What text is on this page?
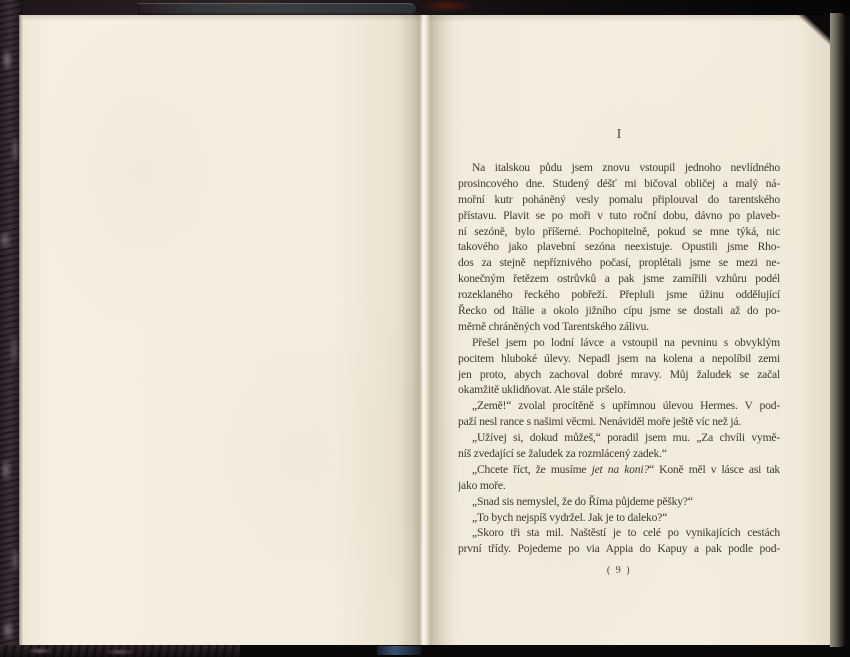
I
Na italskou půdu jsem znovu vstoupil jednoho nevlídného
prosincového dne. Studený déšť mi bičoval obličej a malý ná-
mořní kutr poháněný vesly pomalu připlouval do tarentského
přístavu. Plavit se po moři v tuto roční dobu, dávno po plaveb-
ní sezóně, bylo příšerné. Pochopitelně, pokud se mne týká, nic
takového jako plavební sezóna neexistuje. Opustili jsme Rho-
dos za stejně nepříznivého počasí, proplétali jsme se mezi ne-
konečným řetězem ostrůvků a pak jsme zamířili vzhůru podél
rozeklaného řeckého pobřeží. Přepluli jsme úžinu oddělující
Řecko od Itálie a okolo jižního cípu jsme se dostali až do po-
měrně chráněných vod Tarentského zálivu.
Přešel jsem po lodní lávce a vstoupil na pevninu s obvyklým
pocitem hluboké úlevy. Nepadl jsem na kolena a nepolíbil zemi
jen proto, abych zachoval dobré mravy. Můj žaludek se začal
okamžitě uklidňovat. Ale stále pršelo.
„Země!“ zvolal procítěně s upřímnou úlevou Hermes. V pod-
paží nesl rance s našimi věcmi. Nenáviděl moře ještě víc než já.
„Užívej si, dokud můžeš,“ poradil jsem mu. „Za chvíli vymě-
níš zvedající se žaludek za rozmlácený zadek.“
„Chcete říct, že musíme jet na koni?“ Koně měl v lásce asi tak
jako moře.
„Snad sis nemyslel, že do Říma půjdeme pěšky?“
„To bych nejspíš vydržel. Jak je to daleko?“
„Skoro tři sta mil. Naštěstí je to celé po vynikajících cestách
první třídy. Pojedeme po via Appia do Kapuy a pak podle pod-
( 9 )
